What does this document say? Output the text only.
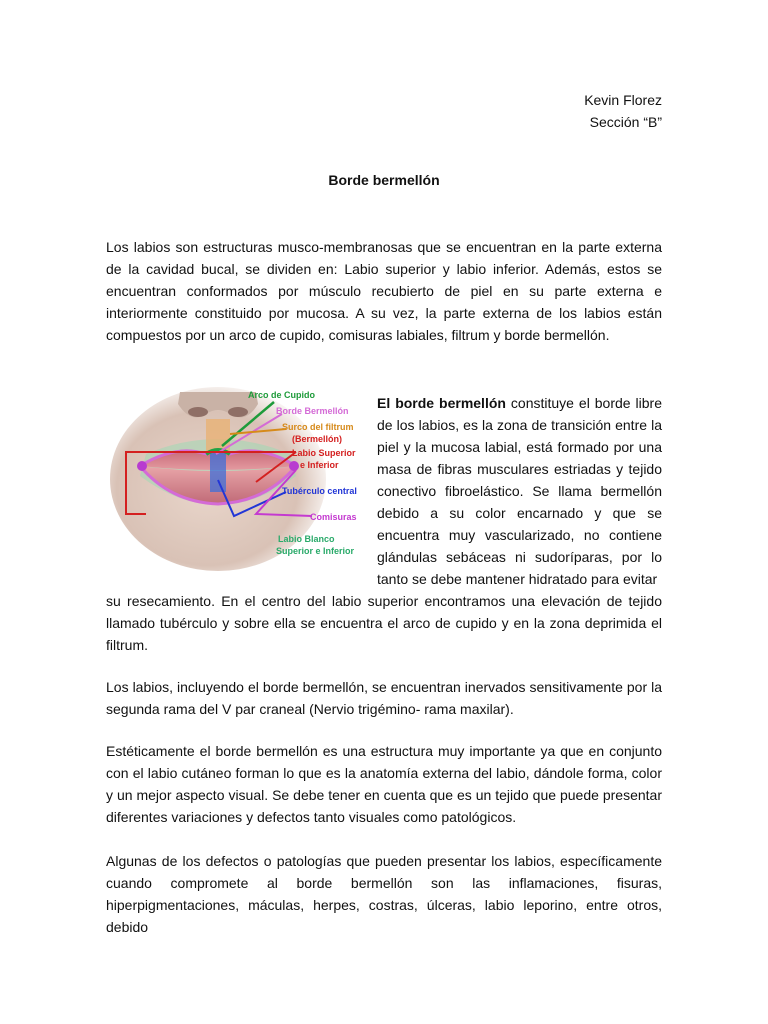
Kevin Florez
Sección “B”
Borde bermellón

Los labios son estructuras musco-membranosas que se encuentran en la parte externa de la cavidad bucal, se dividen en: Labio superior y labio inferior. Además, estos se encuentran conformados por músculo recubierto de piel en su parte externa e interiormente constituido por mucosa. A su vez, la parte externa de los labios están compuestos por un arco de cupido, comisuras labiales, filtrum y borde bermellón.

Arco de Cupido
Borde Bermellón
Surco del filtrum
(Bermellón)
Labio Superior
e Inferior
Tubérculo central
Comisuras
Labio Blanco
Superior e Inferior

El borde bermellón constituye el borde libre de los labios, es la zona de transición entre la piel y la mucosa labial, está formado por una masa de fibras musculares estriadas y tejido conectivo fibroelástico. Se llama bermellón debido a su color encarnado y que se encuentra muy vascularizado, no contiene glándulas sebáceas ni sudoríparas, por lo tanto se debe mantener hidratado para evitar

su resecamiento. En el centro del labio superior encontramos una elevación de tejido llamado tubérculo y sobre ella se encuentra el arco de cupido y en la zona deprimida el filtrum.

Los labios, incluyendo el borde bermellón, se encuentran inervados sensitivamente por la segunda rama del V par craneal (Nervio trigémino- rama maxilar).

Estéticamente el borde bermellón es una estructura muy importante ya que en conjunto con el labio cutáneo forman lo que es la anatomía externa del labio, dándole forma, color y un mejor aspecto visual. Se debe tener en cuenta que es un tejido que puede presentar diferentes variaciones y defectos tanto visuales como patológicos.

Algunas de los defectos o patologías que pueden presentar los labios, específicamente cuando compromete al borde bermellón son las inflamaciones, fisuras, hiperpigmentaciones, máculas, herpes, costras, úlceras, labio leporino, entre otros, debido
